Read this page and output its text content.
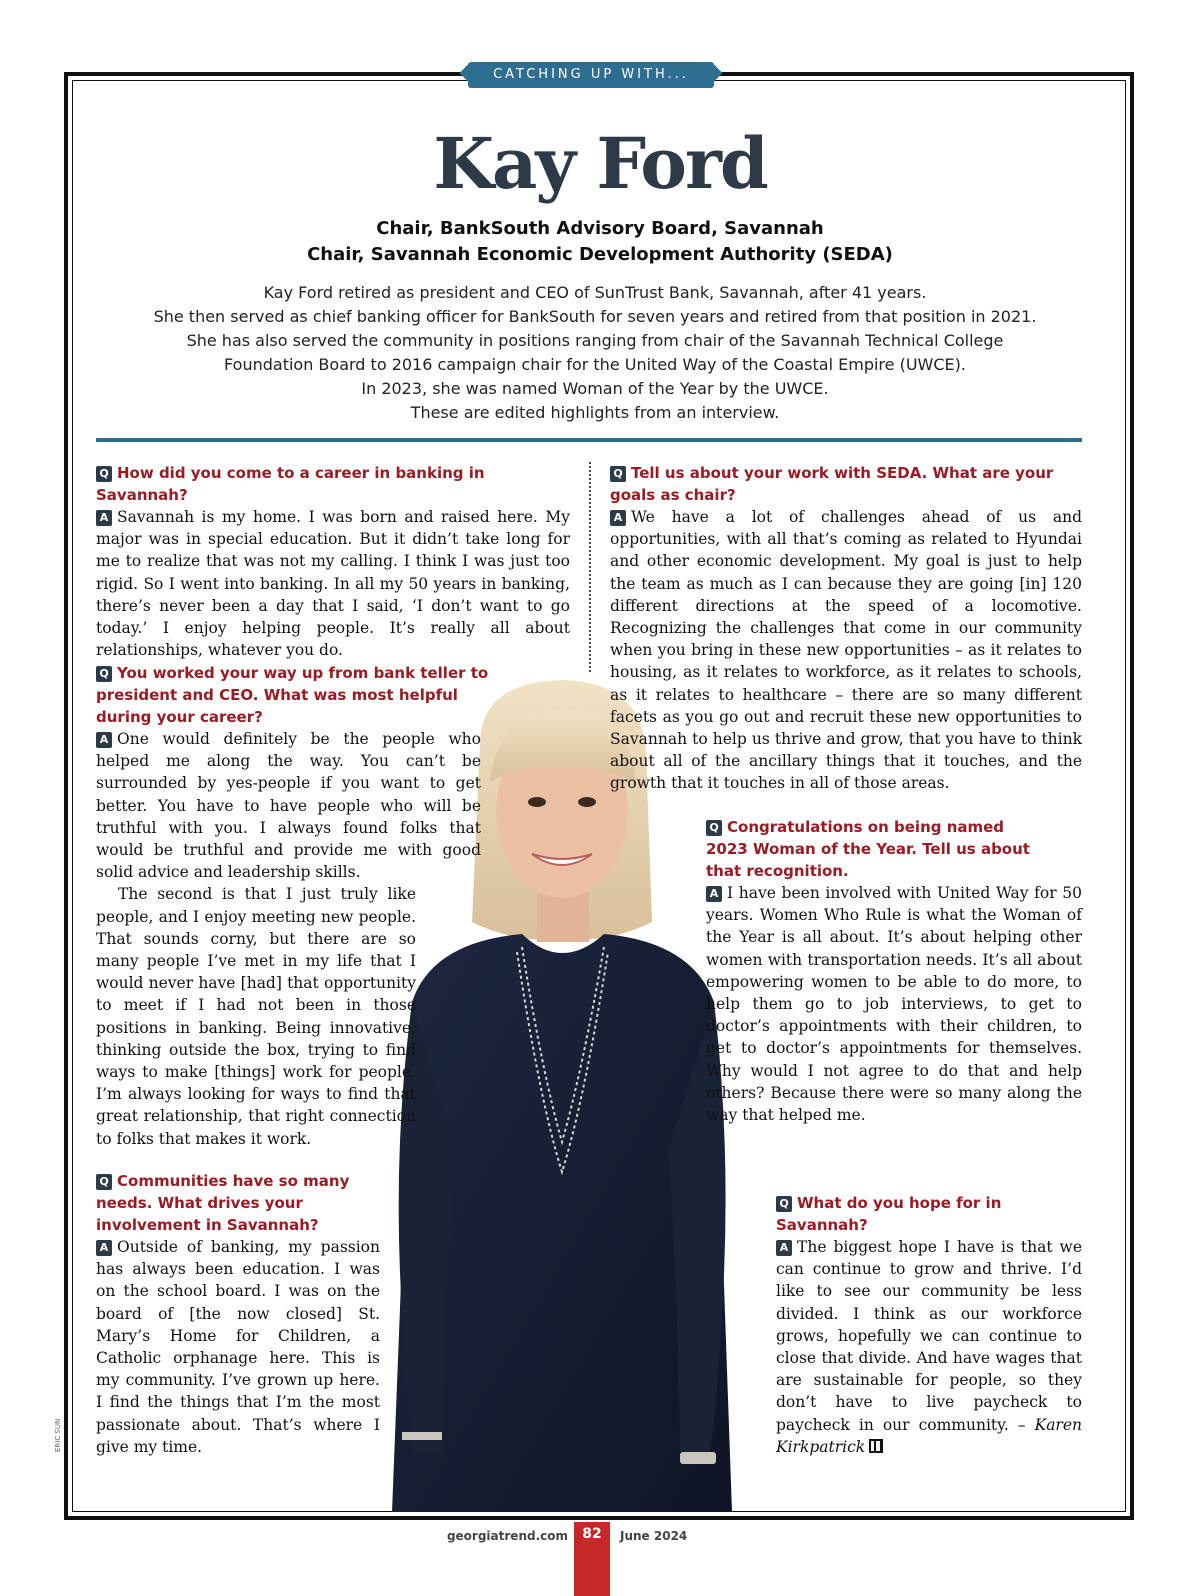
CATCHING UP WITH...
Kay Ford
Chair, BankSouth Advisory Board, Savannah
Chair, Savannah Economic Development Authority (SEDA)
Kay Ford retired as president and CEO of SunTrust Bank, Savannah, after 41 years.
She then served as chief banking officer for BankSouth for seven years and retired from that position in 2021.
She has also served the community in positions ranging from chair of the Savannah Technical College
Foundation Board to 2016 campaign chair for the United Way of the Coastal Empire (UWCE).
In 2023, she was named Woman of the Year by the UWCE.
These are edited highlights from an interview.
Q How did you come to a career in banking in Savannah?
A Savannah is my home. I was born and raised here. My major was in special education. But it didn’t take long for me to realize that was not my calling. I think I was just too rigid. So I went into banking. In all my 50 years in banking, there’s never been a day that I said, ‘I don’t want to go today.’ I enjoy helping people. It’s really all about relationships, whatever you do.
Q You worked your way up from bank teller to president and CEO. What was most helpful during your career?
A One would definitely be the people who helped me along the way. You can’t be surrounded by yes-people if you want to get better. You have to have people who will be truthful with you. I always found folks that would be truthful and provide me with good solid advice and leadership skills.
The second is that I just truly like people, and I enjoy meeting new people. That sounds corny, but there are so many people I’ve met in my life that I would never have [had] that opportunity to meet if I had not been in those positions in banking. Being innovative, thinking outside the box, trying to find ways to make [things] work for people. I’m always looking for ways to find that great relationship, that right connection to folks that makes it work.
Q Communities have so many needs. What drives your involvement in Savannah?
A Outside of banking, my passion has always been education. I was on the school board. I was on the board of [the now closed] St. Mary’s Home for Children, a Catholic orphanage here. This is my community. I’ve grown up here. I find the things that I’m the most passionate about. That’s where I give my time.
Q Tell us about your work with SEDA. What are your goals as chair?
A We have a lot of challenges ahead of us and opportunities, with all that’s coming as related to Hyundai and other economic development. My goal is just to help the team as much as I can because they are going [in] 120 different directions at the speed of a locomotive. Recognizing the challenges that come in our community when you bring in these new opportunities – as it relates to housing, as it relates to workforce, as it relates to schools, as it relates to healthcare – there are so many different facets as you go out and recruit these new opportunities to Savannah to help us thrive and grow, that you have to think about all of the ancillary things that it touches, and the growth that it touches in all of those areas.
Q Congratulations on being named 2023 Woman of the Year. Tell us about that recognition.
A I have been involved with United Way for 50 years. Women Who Rule is what the Woman of the Year is all about. It’s about helping other women with transportation needs. It’s all about empowering women to be able to do more, to help them go to job interviews, to get to doctor’s appointments with their children, to get to doctor’s appointments for themselves. Why would I not agree to do that and help others? Because there were so many along the way that helped me.
Q What do you hope for in Savannah?
A The biggest hope I have is that we can continue to grow and thrive. I’d like to see our community be less divided. I think as our workforce grows, hopefully we can continue to close that divide. And have wages that are sustainable for people, so they don’t have to live paycheck to paycheck in our community. – Karen Kirkpatrick
ERIC SUN
georgiatrend.com	82	June 2024
